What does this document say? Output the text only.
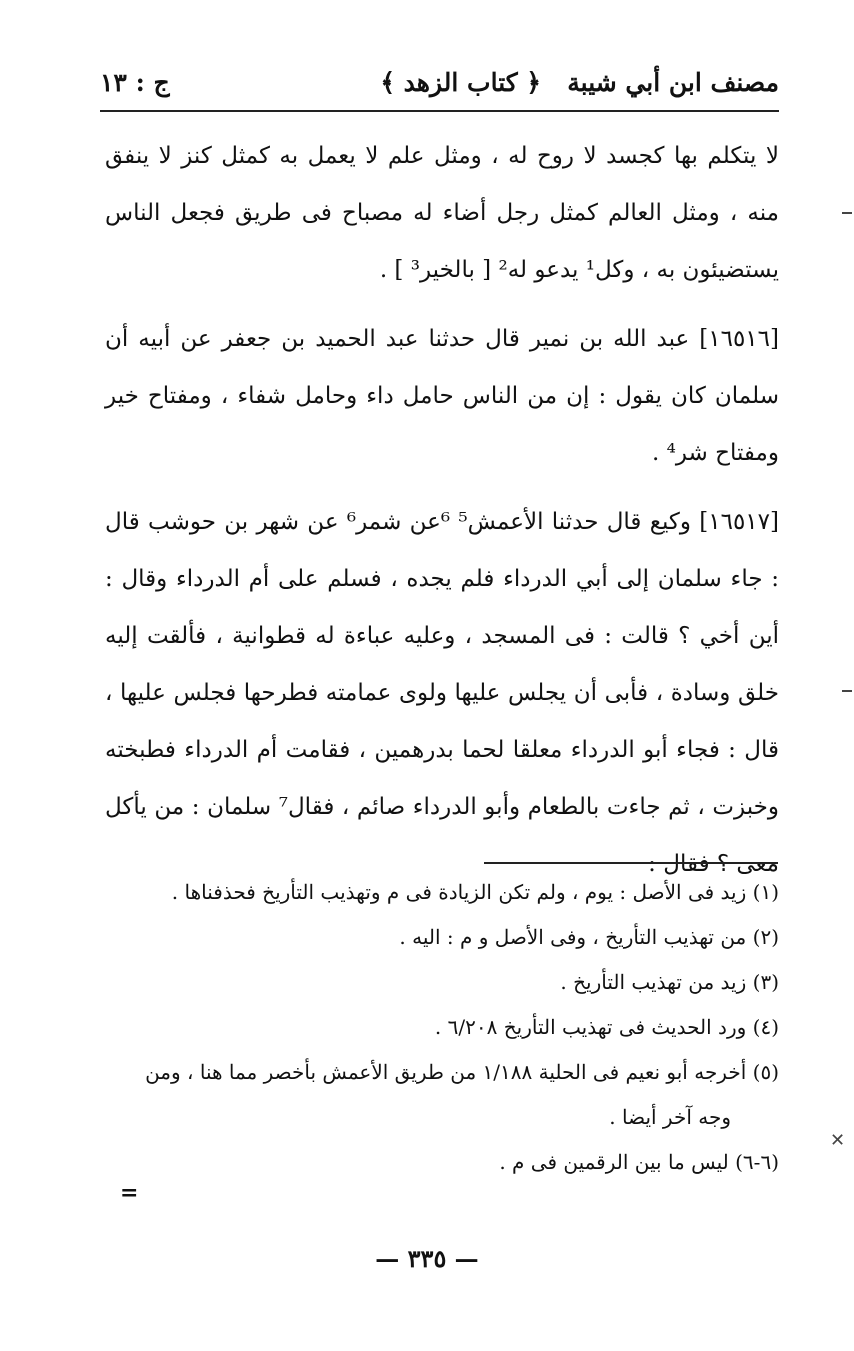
مصنف ابن أبي شيبة
﴿ كتاب الزهد ﴾
ج : ١٣

لا يتكلم بها كجسد لا روح له ، ومثل علم لا يعمل به كمثل كنز لا ينفق منه ، ومثل العالم كمثل رجل أضاء له مصباح فى طريق فجعل الناس يستضيئون به ، وكل¹ يدعو له² [ بالخير³ ] .

[١٦٥١٦] عبد الله بن نمير قال حدثنا عبد الحميد بن جعفر عن أبيه أن سلمان كان يقول : إن من الناس حامل داء وحامل شفاء ، ومفتاح خير ومفتاح شر⁴ .

[١٦٥١٧] وكيع قال حدثنا الأعمش⁵ ⁶عن شمر⁶ عن شهر بن حوشب قال : جاء سلمان إلى أبي الدرداء فلم يجده ، فسلم على أم الدرداء وقال : أين أخي ؟ قالت : فى المسجد ، وعليه عباءة له قطوانية ، فألقت إليه خلق وسادة ، فأبى أن يجلس عليها ولوى عمامته فطرحها فجلس عليها ، قال : فجاء أبو الدرداء معلقا لحما بدرهمين ، فقامت أم الدرداء فطبخته وخبزت ، ثم جاءت بالطعام وأبو الدرداء صائم ، فقال⁷ سلمان : من يأكل معى ؟ فقال :

(١) زيد فى الأصل : يوم ، ولم تكن الزيادة فى م وتهذيب التأريخ فحذفناها .

(٢) من تهذيب التأريخ ، وفى الأصل و م : اليه .

(٣) زيد من تهذيب التأريخ .

(٤) ورد الحديث فى تهذيب التأريخ ٦/٢٠٨ .

(٥) أخرجه أبو نعيم فى الحلية ١/١٨٨ من طريق الأعمش بأخصر مما هنا ، ومن

وجه آخر أيضا .

(٦-٦) ليس ما بين الرقمين فى م .

=
— ٣٣٥ —
✕
